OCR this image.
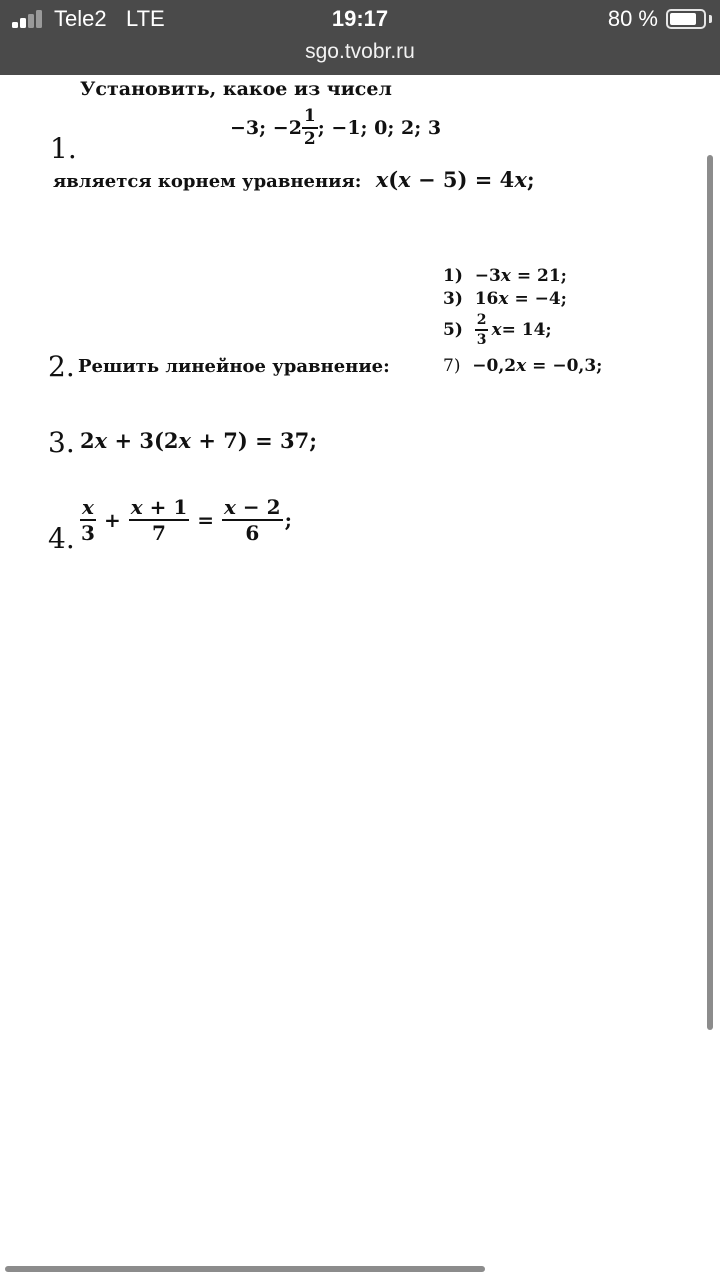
Tele2 LTE	19:17	80 %
sgo.tvobr.ru
Установить, какое из чисел
−3; $-2 \frac{1}{2}$ ; −1; 0; 2; 3
1.
является корнем уравнения: x(x − 5) = 4x;
1) −3x = 21;
3) 16x = −4;
5)
$\frac{2}{3}$ x = 14;
2. Решить линейное уравнение:	7) −0,2x = −0,3;
3. 2x + 3(2x + 7) = 37;
4. $\frac{x}{3} + \frac{x + 1}{7} = \frac{x - 2}{6}$ ;
